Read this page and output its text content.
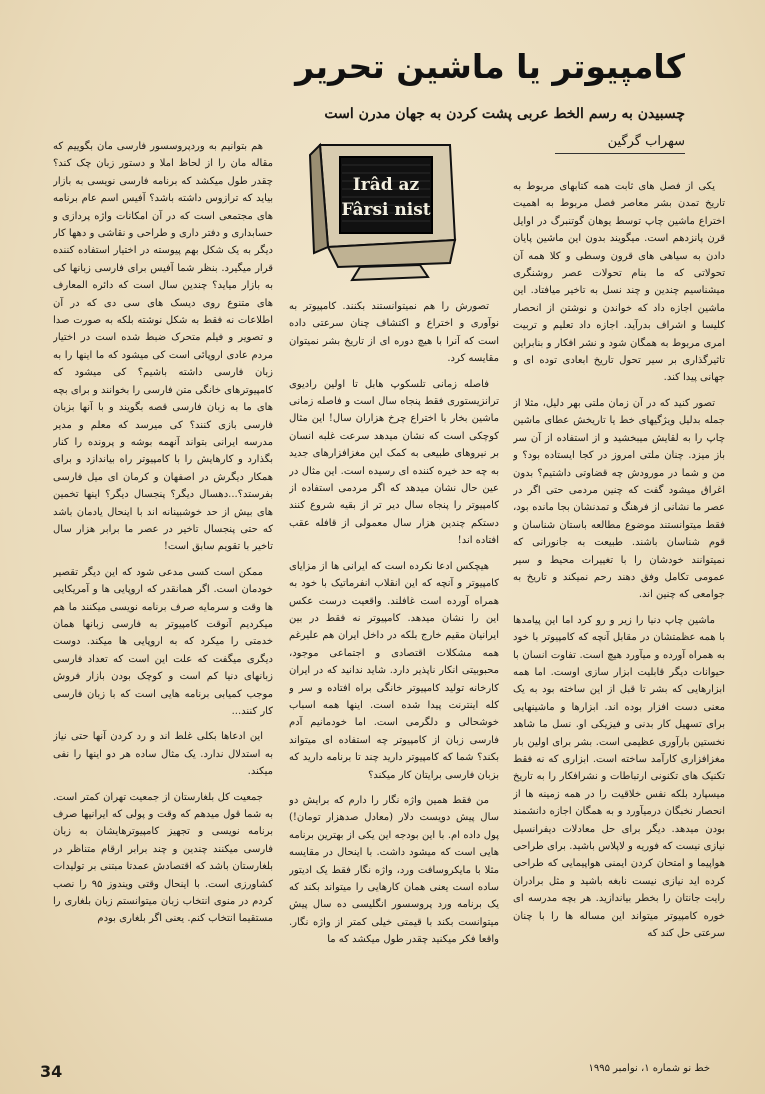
کامپیوتر یا ماشین تحریر
چسبیدن به رسم الخط عربی پشت کردن به جهان مدرن است
سهراب گرگین
Irâd az
Fârsi nist

یکی از فصل های ثابت همه کتابهای مربوط به تاریخ تمدن بشر معاصر فصل مربوط به اهمیت اختراع ماشین چاپ توسط یوهان گوتنبرگ در اوایل قرن پانزدهم است. میگویند بدون این ماشین پایان دادن به سیاهی های قرون وسطی و کلا همه آن تحولاتی که ما بنام تحولات عصر روشنگری میشناسیم چندین و چند نسل به تاخیر میافتاد. این ماشین اجازه داد که خواندن و نوشتن از انحصار کلیسا و اشراف بدرآید. اجازه داد تعلیم و تربیت امری مربوط به همگان شود و نشر افکار و بنابراین تاثیرگذاری بر سیر تحول تاریخ ابعادی توده ای و جهانی پیدا کند.

تصور کنید که در آن زمان ملتی بهر دلیل، مثلا از جمله بدلیل ویژگیهای خط یا تاریخش عطای ماشین چاپ را به لقایش میبخشید و از استفاده از آن سر باز میزد. چنان ملتی امروز در کجا ایستاده بود؟ و من و شما در مورودش چه قضاوتی داشتیم؟ بدون اغراق میشود گفت که چنین مردمی حتی اگر در عصر ما نشانی از فرهنگ و تمدنشان بجا مانده بود، فقط میتوانستند موضوع مطالعه باستان شناسان و قوم شناسان باشند. طبیعت به جانورانی که نمیتوانند خودشان را با تغییرات محیط و سیر عمومی تکامل وفق دهند رحم نمیکند و تاریخ به جوامعی که چنین اند.

ماشین چاپ دنیا را زیر و رو کرد اما این پیامدها با همه عظمتشان در مقابل آنچه که کامپیوتر با خود به همراه آورده و میآورد هیچ است. تفاوت انسان با حیوانات دیگر قابلیت ابزار سازی اوست. اما همه ابزارهایی که بشر تا قبل از این ساخته بود به یک معنی دست افزار بوده اند. ابزارها و ماشینهایی برای تسهیل کار بدنی و فیزیکی او. نسل ما شاهد نخستین بارآوری عظیمی است. بشر برای اولین بار مغزافزاری کارآمد ساخته است. ابزاری که نه فقط تکنیک های تکنونی ارتباطات و نشرافکار را به تاریخ میسپارد بلکه نفس خلاقیت را در همه زمینه ها از انحصار نخبگان درمیآورد و به همگان اجازه دانشمند بودن میدهد. دیگر برای حل معادلات دیفرانسیل نیازی نیست که فوریه و لاپلاس باشید. برای طراحی هواپیما و امتحان کردن ایمنی هواپیمایی که طراحی کرده اید نیازی نیست نابغه باشید و مثل برادران رایت جانتان را بخطر بیاندازید. هر بچه مدرسه ای خوره کامپیوتر میتواند این مساله ها را با چنان سرعتی حل کند که

تصورش را هم نمیتوانستند بکنند. کامپیوتر به نوآوری و اختراع و اکتشاف چنان سرعتی داده است که آنرا با هیچ دوره ای از تاریخ بشر نمیتوان مقایسه کرد.

فاصله زمانی تلسکوپ هابل تا اولین رادیوی ترانزیستوری فقط پنجاه سال است و فاصله زمانی ماشین بخار با اختراع چرخ هزاران سال! این مثال کوچکی است که نشان میدهد سرعت غلبه انسان بر نیروهای طبیعی به کمک این مغزافزارهای جدید به چه حد خیره کننده ای رسیده است. این مثال در عین حال نشان میدهد که اگر مردمی استفاده از کامپیوتر را پنجاه سال دیر تر از بقیه شروع کنند دستکم چندین هزار سال معمولی از قافله عقب افتاده اند!

هیچکس ادعا نکرده است که ایرانی ها از مزایای کامپیوتر و آنچه که این انقلاب انفرماتیک با خود به همراه آورده است غافلند. واقعیت درست عکس این را نشان میدهد. کامپیوتر نه فقط در بین ایرانیان مقیم خارج بلکه در داخل ایران هم علیرغم همه مشکلات اقتصادی و اجتماعی موجود، محبوبیتی انکار ناپذیر دارد. شاید ندانید که در ایران کارخانه تولید کامپیوتر خانگی براه افتاده و سر و کله اینترنت پیدا شده است. اینها همه اسباب خوشحالی و دلگرمی است. اما خودمانیم آدم فارسی زبان از کامپیوتر چه استفاده ای میتواند بکند؟ شما که کامپیوتر دارید چند تا برنامه دارید که بزبان فارسی برایتان کار میکند؟

من فقط همین واژه نگار را دارم که برایش دو سال پیش دویست دلار (معادل صدهزار تومان!) پول داده ام. با این بودجه این یکی از بهترین برنامه هایی است که میشود داشت. با اینحال در مقایسه مثلا با مایکروسافت ورد، واژه نگار فقط یک ادیتور ساده است یعنی همان کارهایی را میتواند بکند که یک برنامه ورد پروسسور انگلیسی ده سال پیش میتوانست بکند با قیمتی خیلی کمتر از واژه نگار. واقعا فکر میکنید چقدر طول میکشد که ما

هم بتوانیم به وردپروسسور فارسی مان بگوییم که مقاله مان را از لحاظ املا و دستور زبان چک کند؟ چقدر طول میکشد که برنامه فارسی نویسی به بازار بیاید که ترازوس داشته باشد؟ آفیس اسم عام برنامه های مجتمعی است که در آن امکانات واژه پردازی و حسابداری و دفتر داری و طراحی و نقاشی و دهها کار دیگر به یک شکل بهم پیوسته در اختیار استفاده کننده قرار میگیرد. بنظر شما آفیس برای فارسی زبانها کی به بازار میاید؟ چندین سال است که دائره المعارف های متنوع روی دیسک های سی دی که در آن اطلاعات نه فقط به شکل نوشته بلکه به صورت صدا و تصویر و فیلم متحرک ضبط شده است در اختیار مردم عادی اروپائی است کی میشود که ما اینها را به زبان فارسی داشته باشیم؟ کی میشود که کامپیوترهای خانگی متن فارسی را بخوانند و برای بچه های ما به زبان فارسی قصه بگویند و با آنها بزبان فارسی بازی کنند؟ کی میرسد که معلم و مدیر مدرسه ایرانی بتواند آنهمه بوشه و پرونده را کنار بگذارد و کارهایش را با کامپیوتر راه بیاندازد و برای همکار دیگرش در اصفهان و کرمان ای میل فارسی بفرستد؟...دهسال دیگر؟ پنجسال دیگر؟ اینها تخمین های بیش از حد خوشبینانه اند با اینحال یادمان باشد که حتی پنجسال تاخیر در عصر ما برابر هزار سال تاخیر با تقویم سابق است!

ممکن است کسی مدعی شود که این دیگر تقصیر خودمان است. اگر همانقدر که اروپایی ها و آمریکایی ها وقت و سرمایه صرف برنامه نویسی میکنند ما هم میکردیم آنوقت کامپیوتر به فارسی زبانها همان خدمتی را میکرد که به اروپایی ها میکند. دوست دیگری میگفت که علت این است که تعداد فارسی زبانهای دنیا کم است و کوچک بودن بازار فروش موجب کمیابی برنامه هایی است که با زبان فارسی کار کنند...

این ادعاها بکلی غلط اند و رد کردن آنها حتی نیاز به استدلال ندارد. یک مثال ساده هر دو اینها را نفی میکند.

جمعیت کل بلغارستان از جمعیت تهران کمتر است. به شما قول میدهم که وقت و پولی که ایرانیها صرف برنامه نویسی و تجهیز کامپیوترهایشان به زبان فارسی میکنند چندین و چند برابر ارقام متناظر در بلغارستان باشد که اقتصادش عمدتا مبتنی بر تولیدات کشاورزی است. با اینحال وقتی ویندوز ۹۵ را نصب کردم در منوی انتخاب زبان میتوانستم زبان بلغاری را مستقیما انتخاب کنم. یعنی اگر بلغاری بودم

34	خط نو شماره ۱، نوامبر ۱۹۹۵
